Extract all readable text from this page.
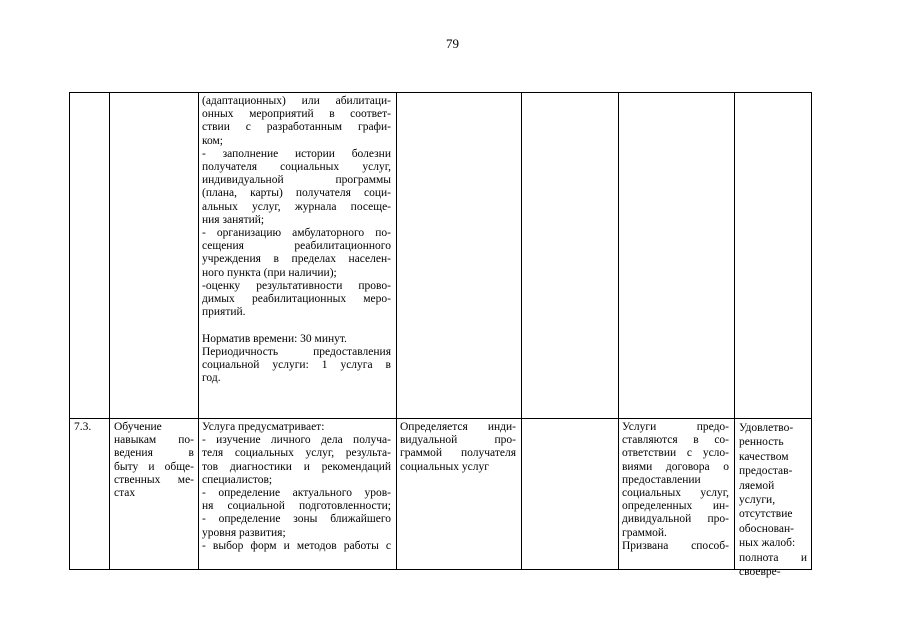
79
(адаптационных) или абилитаци-
онных мероприятий в соответ-
ствии с разработанным графи-
ком;
- заполнение истории болезни
получателя социальных услуг,
индивидуальной программы
(плана, карты) получателя соци-
альных услуг, журнала посеще-
ния занятий;
- организацию амбулаторного по-
сещения реабилитационного
учреждения в пределах населен-
ного пункта (при наличии);
-оценку результативности прово-
димых реабилитационных меро-
приятий.
Норматив времени: 30 минут.
Периодичность предоставления
социальной услуги: 1 услуга в
год.
7.3.	Обучение
навыкам по-
ведения в
быту и обще-
ственных ме-
стах
Услуга предусматривает:
- изучение личного дела получа-
теля социальных услуг, результа-
тов диагностики и рекомендаций
специалистов;
- определение актуального уров-
ня социальной подготовленности;
- определение зоны ближайшего
уровня развития;
- выбор форм и методов работы с
Определяется инди-
видуальной про-
граммой получателя
социальных услуг
Услуги предо-
ставляются в со-
ответствии с усло-
виями договора о
предоставлении
социальных услуг,
определенных ин-
дивидуальной про-
граммой.
Призвана способ-
Удовлетво-
ренность
качеством
предостав-
ляемой
услуги,
отсутствие
обоснован-
ных жалоб:
полнота и
своевре-
